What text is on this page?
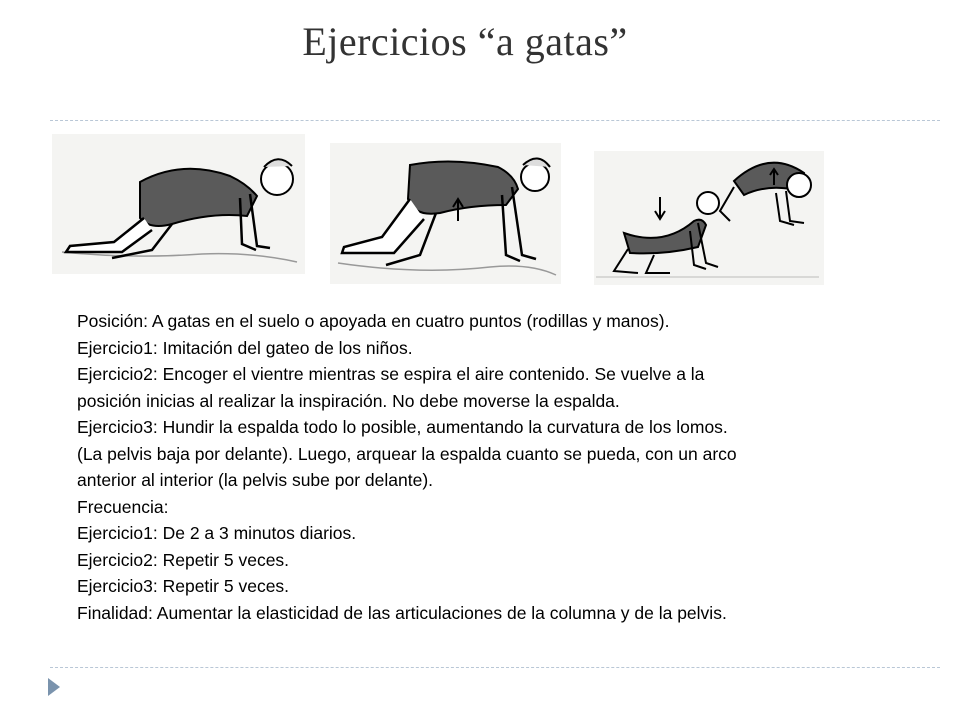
Ejercicios “a gatas”

Posición: A gatas en el suelo o apoyada en cuatro puntos (rodillas y manos).

Ejercicio1: Imitación del gateo de los niños.

Ejercicio2: Encoger el vientre mientras se espira el aire contenido. Se vuelve a la

posición inicias al realizar la inspiración. No debe moverse la espalda.

Ejercicio3: Hundir la espalda todo lo posible, aumentando la curvatura de los lomos.

(La pelvis baja por delante). Luego, arquear la espalda cuanto se pueda, con un arco

anterior al interior (la pelvis sube por delante).

Frecuencia:

Ejercicio1: De 2 a 3 minutos diarios.

Ejercicio2: Repetir 5 veces.

Ejercicio3: Repetir 5 veces.

Finalidad: Aumentar la elasticidad de las articulaciones de la columna y de la pelvis.
